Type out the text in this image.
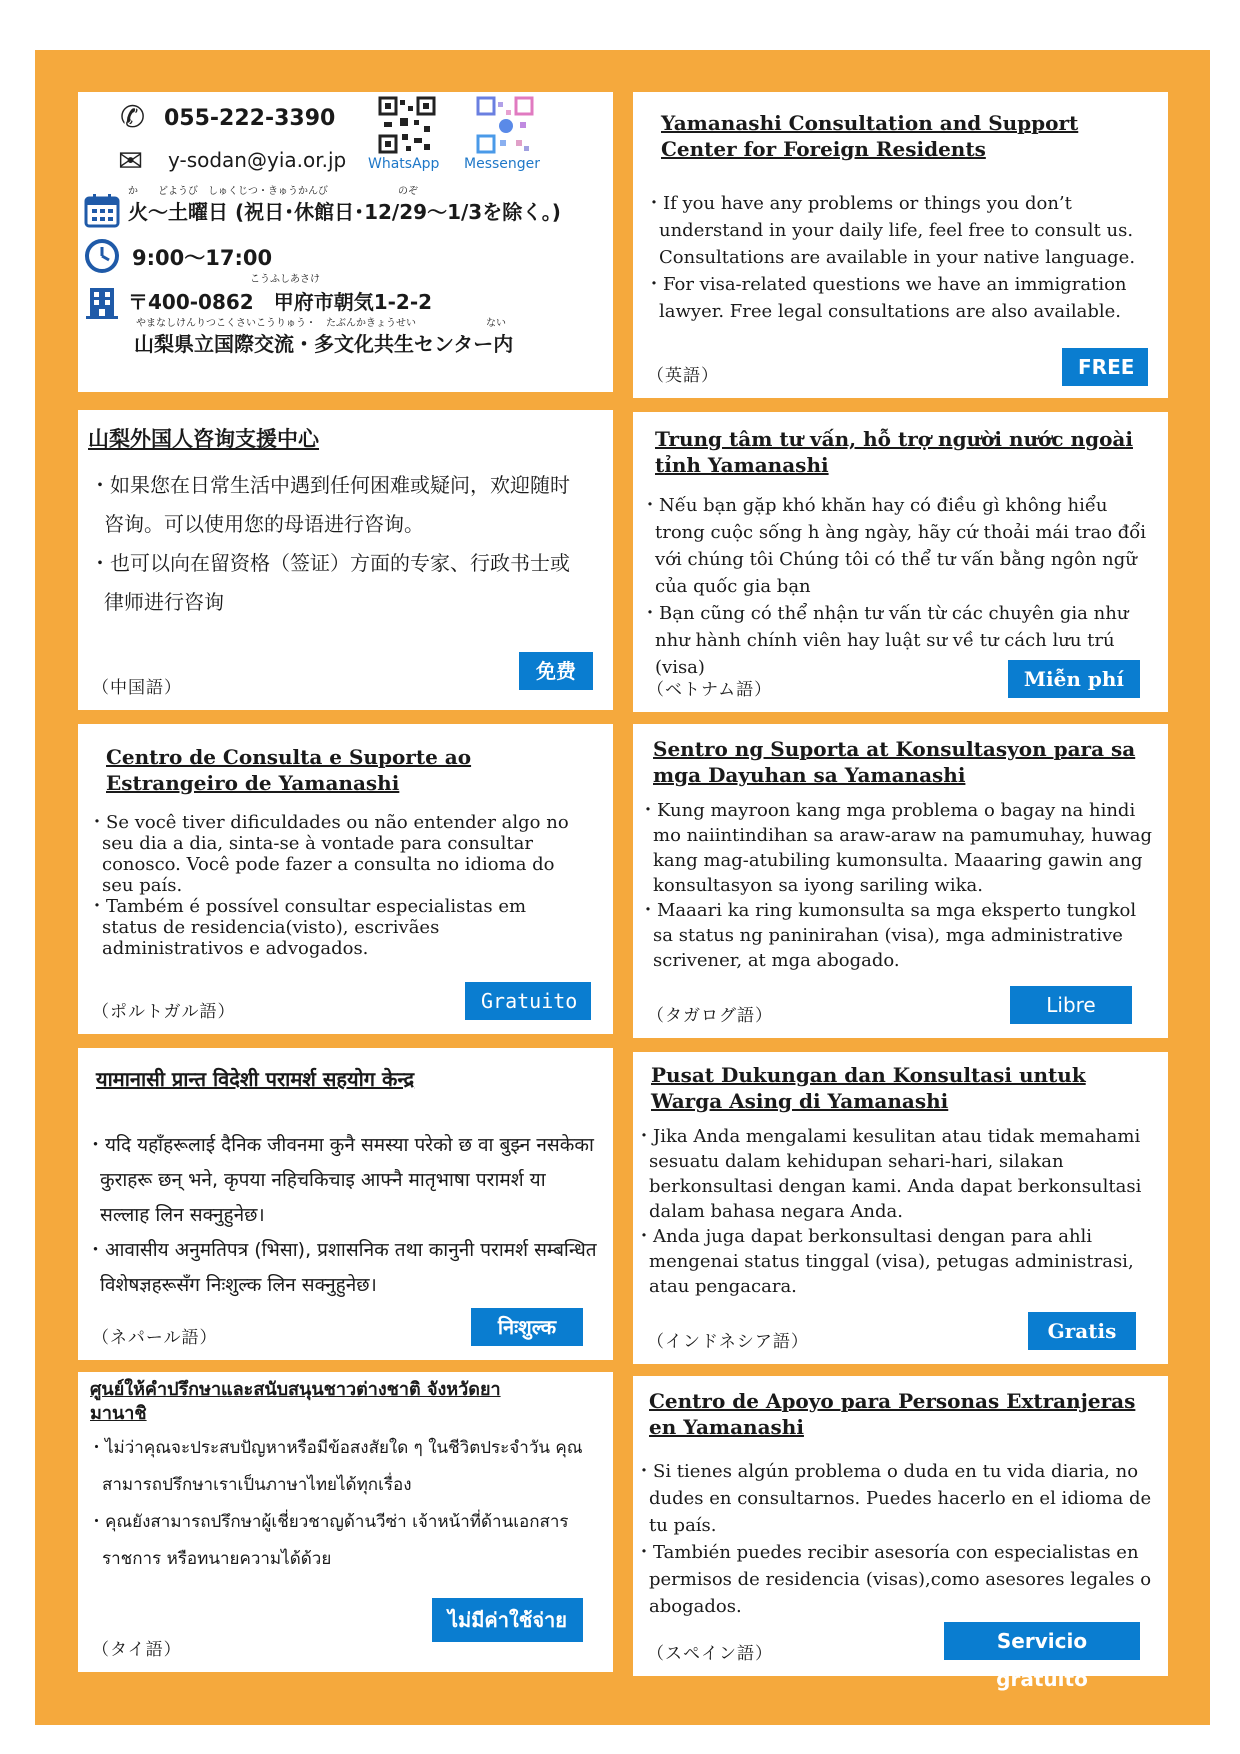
✆ 055-222-3390
✉ y-sodan@yia.or.jp WhatsApp Messenger
か　　どようび　しゅくじつ・きゅうかんび　　　　　　　のぞ
火～土曜日 (祝日･休館日･12/29～1/3を除く。)
9:00～17:00
こうふしあさけ
〒400-0862　甲府市朝気1-2-2
やまなしけんりつこくさいこうりゅう・　たぶんかきょうせい　　　　　　　ない
山梨県立国際交流・多文化共生センター内
Yamanashi Consultation and Support Center for Foreign Residents

・If you have any problems or things you don’t understand in your daily life, feel free to consult us. Consultations are available in your native language.

・For visa-related questions we have an immigration lawyer. Free legal consultations are also available.

（英語）	FREE
山梨外国人咨询支援中心

・如果您在日常生活中遇到任何困难或疑问，欢迎随时咨询。可以使用您的母语进行咨询。

・也可以向在留资格（签证）方面的专家、行政书士或律师进行咨询

（中国語）
免费
Trung tâm tư vấn, hỗ trợ người nước ngoài tỉnh Yamanashi

・Nếu bạn gặp khó khăn hay có điều gì không hiểu trong cuộc sống h àng ngày, hãy cứ thoải mái trao đổi với chúng tôi Chúng tôi có thể tư vấn bằng ngôn ngữ của quốc gia bạn

・Bạn cũng có thể nhận tư vấn từ các chuyên gia như như hành chính viên hay luật sư về tư cách lưu trú (visa)

（ベトナム語）	Miễn phí
Centro de Consulta e Suporte ao Estrangeiro de Yamanashi

・Se você tiver dificuldades ou não entender algo no seu dia a dia, sinta-se à vontade para consultar conosco. Você pode fazer a consulta no idioma do seu país.

・Também é possível consultar especialistas em status de residencia(visto), escrivães administrativos e advogados.

（ポルトガル語）	Gratuito
Sentro ng Suporta at Konsultasyon para sa mga Dayuhan sa Yamanashi

・Kung mayroon kang mga problema o bagay na hindi mo naiintindihan sa araw-araw na pamumuhay, huwag kang mag-atubiling kumonsulta. Maaaring gawin ang konsultasyon sa iyong sariling wika.

・Maaari ka ring kumonsulta sa mga eksperto tungkol sa status ng paninirahan (visa), mga administrative scrivener, at mga abogado.

（タガログ語）	Libre
यामानासी प्रान्त विदेशी परामर्श सहयोग केन्द्र

・यदि यहाँहरूलाई दैनिक जीवनमा कुनै समस्या परेको छ वा बुझ्न नसकेका कुराहरू छन् भने, कृपया नहिचकिचाइ आफ्नै मातृभाषा परामर्श या सल्लाह लिन सक्नुहुनेछ।

・आवासीय अनुमतिपत्र (भिसा), प्रशासनिक तथा कानुनी परामर्श सम्बन्धित विशेषज्ञहरूसँग निःशुल्क लिन सक्नुहुनेछ।

（ネパール語）	निःशुल्क
Pusat Dukungan dan Konsultasi untuk Warga Asing di Yamanashi

・Jika Anda mengalami kesulitan atau tidak memahami sesuatu dalam kehidupan sehari-hari, silakan berkonsultasi dengan kami. Anda dapat berkonsultasi dalam bahasa negara Anda.

・Anda juga dapat berkonsultasi dengan para ahli mengenai status tinggal (visa), petugas administrasi, atau pengacara.

（インドネシア語）	Gratis
ศูนย์ให้คำปรึกษาและสนับสนุนชาวต่างชาติ จังหวัดยามานาชิ

・ไม่ว่าคุณจะประสบปัญหาหรือมีข้อสงสัยใด ๆ ในชีวิตประจำวัน คุณสามารถปรึกษาเราเป็นภาษาไทยได้ทุกเรื่อง

・คุณยังสามารถปรึกษาผู้เชี่ยวชาญด้านวีซ่า เจ้าหน้าที่ด้านเอกสารราชการ หรือทนายความได้ด้วย

（タイ語）
ไม่มีค่าใช้จ่าย
Centro de Apoyo para Personas Extranjeras en Yamanashi

・Si tienes algún problema o duda en tu vida diaria, no dudes en consultarnos. Puedes hacerlo en el idioma de tu país.

・También puedes recibir asesoría con especialistas en permisos de residencia (visas),como asesores legales o abogados.

（スペイン語）
Servicio gratuito
